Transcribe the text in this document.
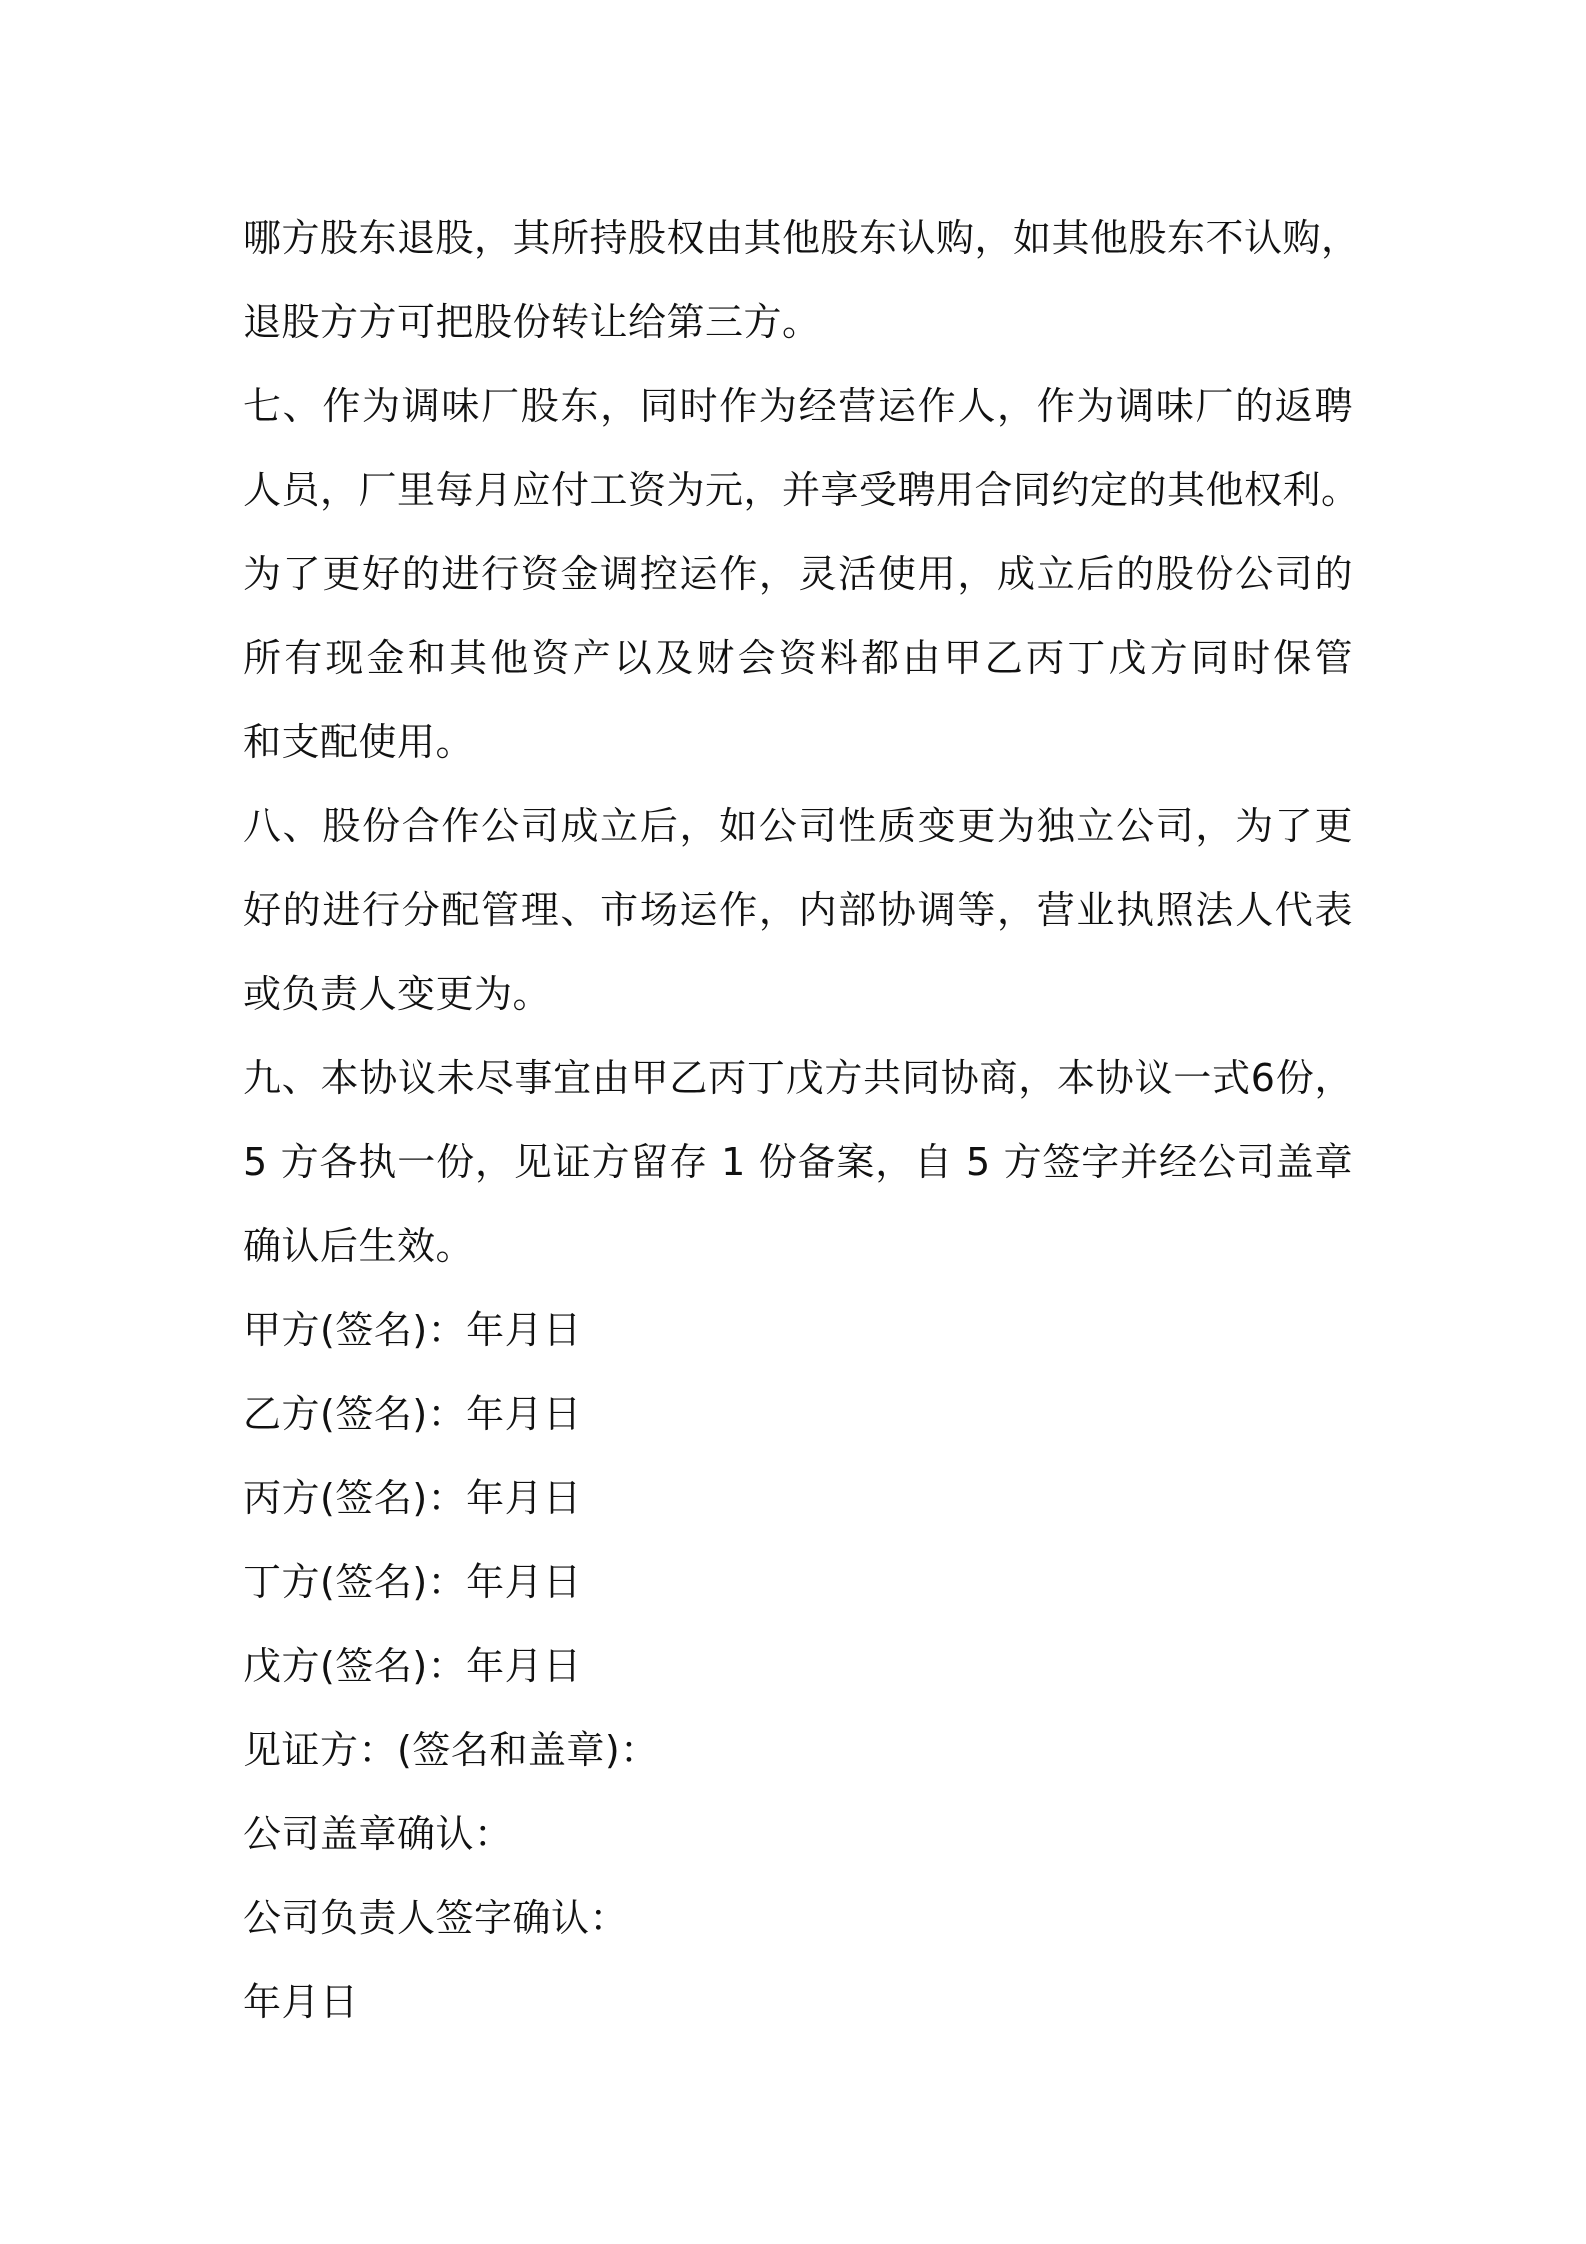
哪方股东退股，其所持股权由其他股东认购，如其他股东不认购，
退股方方可把股份转让给第三方。
七、作为调味厂股东，同时作为经营运作人，作为调味厂的返聘
人员，厂里每月应付工资为元，并享受聘用合同约定的其他权利。
为了更好的进行资金调控运作，灵活使用，成立后的股份公司的
所有现金和其他资产以及财会资料都由甲乙丙丁戊方同时保管
和支配使用。
八、股份合作公司成立后，如公司性质变更为独立公司，为了更
好的进行分配管理、市场运作，内部协调等，营业执照法人代表
或负责人变更为。
九、本协议未尽事宜由甲乙丙丁戊方共同协商，本协议一式6份，
5 方各执一份，见证方留存 1 份备案，自 5 方签字并经公司盖章
确认后生效。
甲方(签名)：年月日
乙方(签名)：年月日
丙方(签名)：年月日
丁方(签名)：年月日
戊方(签名)：年月日
见证方：(签名和盖章)：
公司盖章确认：
公司负责人签字确认：
年月日
